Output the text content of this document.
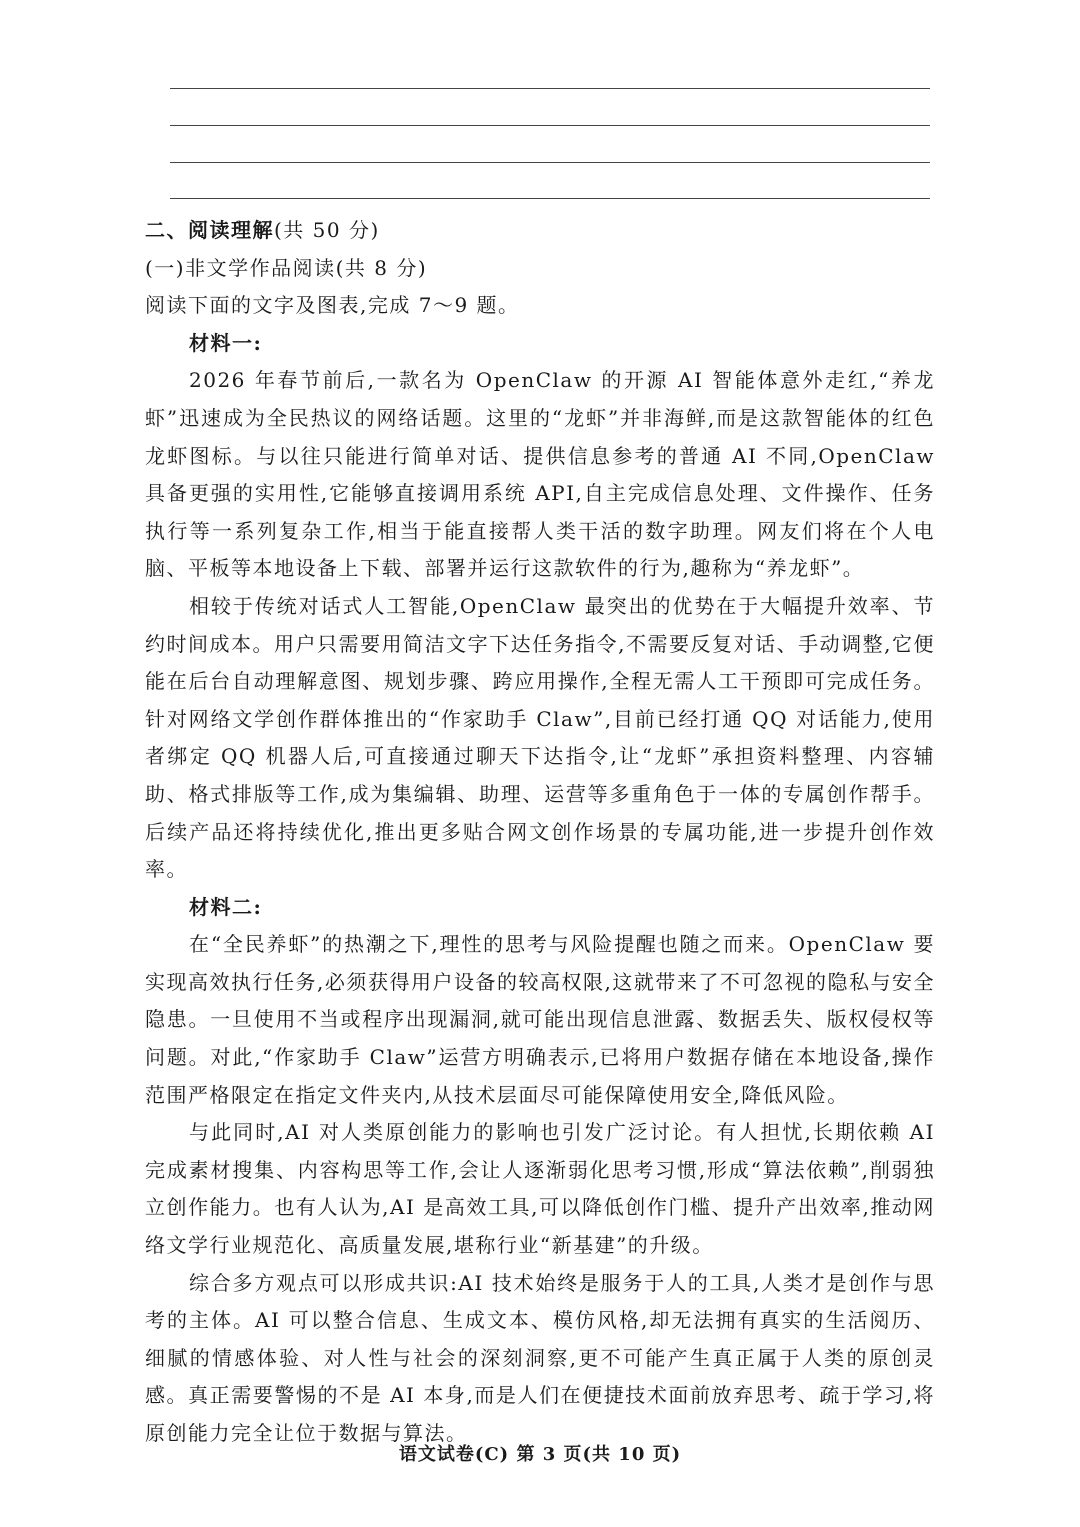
二、阅读理解(共 50 分)

(一)非文学作品阅读(共 8 分)

阅读下面的文字及图表,完成 7～9 题。

材料一:

2026 年春节前后,一款名为 OpenClaw 的开源 AI 智能体意外走红,“养龙虾”迅速成为全民热议的网络话题。这里的“龙虾”并非海鲜,而是这款智能体的红色龙虾图标。与以往只能进行简单对话、提供信息参考的普通 AI 不同,OpenClaw 具备更强的实用性,它能够直接调用系统 API,自主完成信息处理、文件操作、任务执行等一系列复杂工作,相当于能直接帮人类干活的数字助理。网友们将在个人电脑、平板等本地设备上下载、部署并运行这款软件的行为,趣称为“养龙虾”。

相较于传统对话式人工智能,OpenClaw 最突出的优势在于大幅提升效率、节约时间成本。用户只需要用简洁文字下达任务指令,不需要反复对话、手动调整,它便能在后台自动理解意图、规划步骤、跨应用操作,全程无需人工干预即可完成任务。针对网络文学创作群体推出的“作家助手 Claw”,目前已经打通 QQ 对话能力,使用者绑定 QQ 机器人后,可直接通过聊天下达指令,让“龙虾”承担资料整理、内容辅助、格式排版等工作,成为集编辑、助理、运营等多重角色于一体的专属创作帮手。后续产品还将持续优化,推出更多贴合网文创作场景的专属功能,进一步提升创作效率。

材料二:

在“全民养虾”的热潮之下,理性的思考与风险提醒也随之而来。OpenClaw 要实现高效执行任务,必须获得用户设备的较高权限,这就带来了不可忽视的隐私与安全隐患。一旦使用不当或程序出现漏洞,就可能出现信息泄露、数据丢失、版权侵权等问题。对此,“作家助手 Claw”运营方明确表示,已将用户数据存储在本地设备,操作范围严格限定在指定文件夹内,从技术层面尽可能保障使用安全,降低风险。

与此同时,AI 对人类原创能力的影响也引发广泛讨论。有人担忧,长期依赖 AI 完成素材搜集、内容构思等工作,会让人逐渐弱化思考习惯,形成“算法依赖”,削弱独立创作能力。也有人认为,AI 是高效工具,可以降低创作门槛、提升产出效率,推动网络文学行业规范化、高质量发展,堪称行业“新基建”的升级。

综合多方观点可以形成共识:AI 技术始终是服务于人的工具,人类才是创作与思考的主体。AI 可以整合信息、生成文本、模仿风格,却无法拥有真实的生活阅历、细腻的情感体验、对人性与社会的深刻洞察,更不可能产生真正属于人类的原创灵感。真正需要警惕的不是 AI 本身,而是人们在便捷技术面前放弃思考、疏于学习,将原创能力完全让位于数据与算法。

语文试卷(C) 第 3 页(共 10 页)
